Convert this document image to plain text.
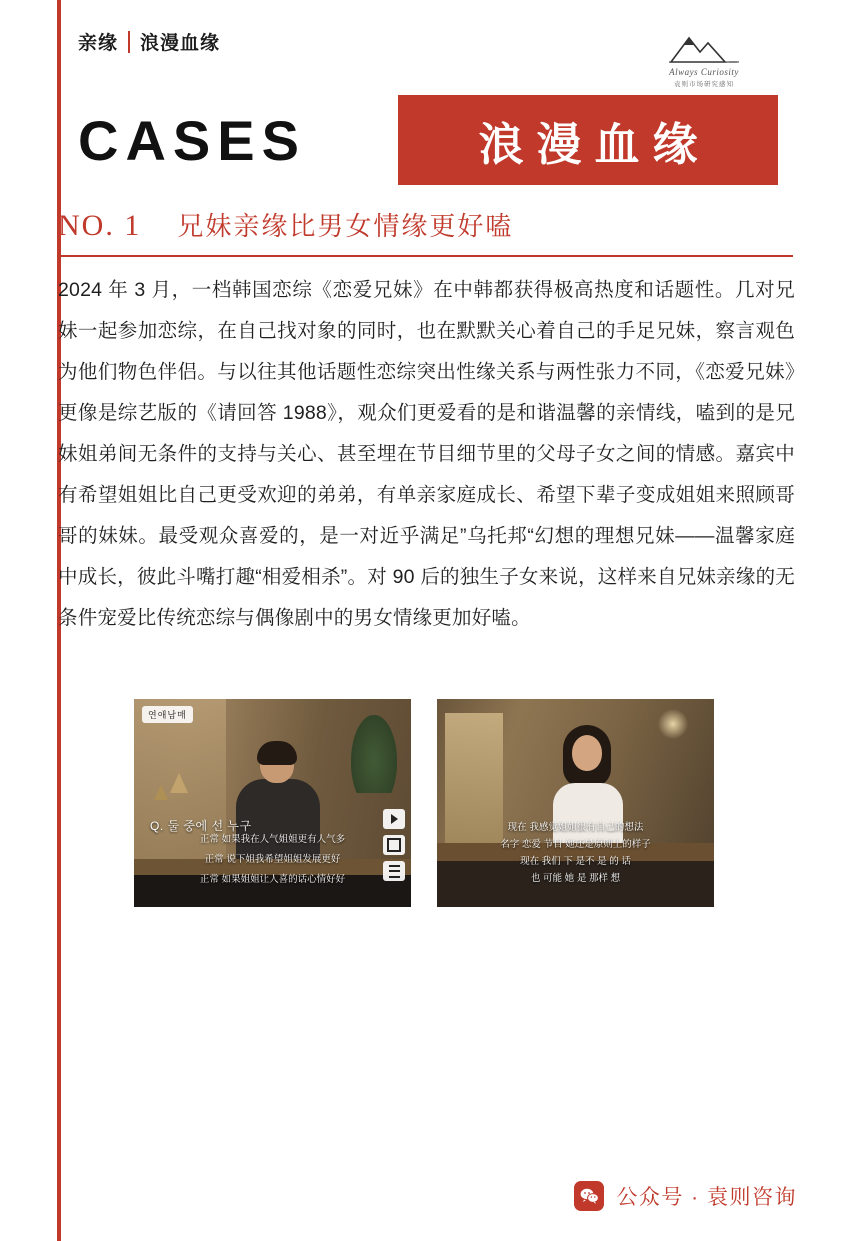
亲缘 浪漫血缘
Always Curiosity
袁则市场研究感知
CASES	浪漫血缘
NO. 1 兄妹亲缘比男女情缘更好嗑
2024 年 3 月，一档韩国恋综《恋爱兄妹》在中韩都获得极高热度和话题性。几对兄妹一起参加恋综，在自己找对象的同时，也在默默关心着自己的手足兄妹，察言观色为他们物色伴侣。与以往其他话题性恋综突出性缘关系与两性张力不同，《恋爱兄妹》更像是综艺版的《请回答 1988》，观众们更爱看的是和谐温馨的亲情线，嗑到的是兄妹姐弟间无条件的支持与关心、甚至埋在节目细节里的父母子女之间的情感。嘉宾中有希望姐姐比自己更受欢迎的弟弟，有单亲家庭成长、希望下辈子变成姐姐来照顾哥哥的妹妹。最受观众喜爱的，是一对近乎满足”乌托邦“幻想的理想兄妹——温馨家庭中成长，彼此斗嘴打趣“相爱相杀”。对 90 后的独生子女来说，这样来自兄妹亲缘的无条件宠爱比传统恋综与偶像剧中的男女情缘更加好嗑。
연애남매
Q. 둘 중에 선 누구
正常 如果我在人气姐姐更有人气多
正常 说下姐我希望姐姐发展更好
正常 如果姐姐让人喜的话心情好好
现在 我感觉姐姐很有自己的想法
名字 恋爱 节目 她还是原则上的样子
现在 我们 下 是不 是 的 话
也 可能 她 是 那样 想
公众号 · 袁则咨询
